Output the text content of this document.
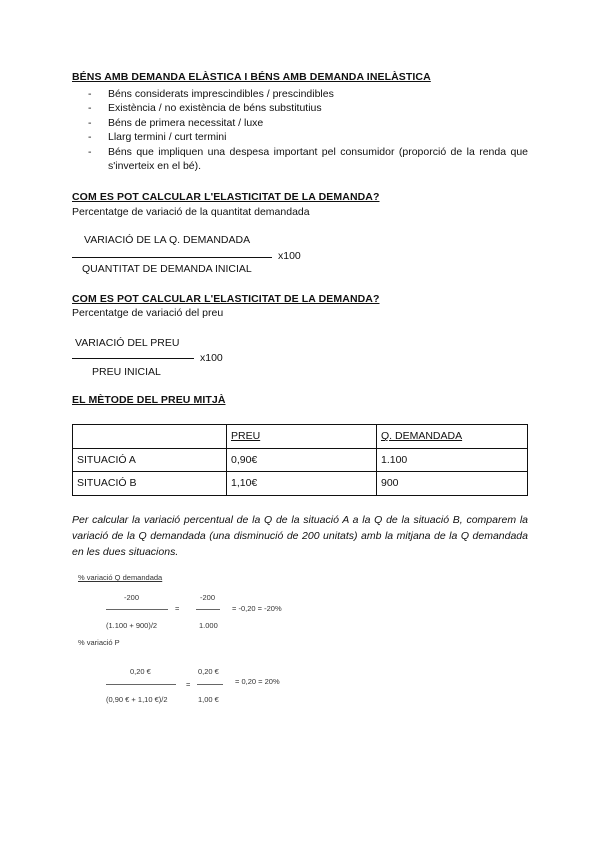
BÉNS AMB DEMANDA ELÀSTICA I BÉNS AMB DEMANDA INELÀSTICA
- Béns considerats imprescindibles / prescindibles
- Existència / no existència de béns substitutius
- Béns de primera necessitat / luxe
- Llarg termini / curt termini
- Béns que impliquen una despesa important pel consumidor (proporció de la renda que s'inverteix en el bé).
COM ES POT CALCULAR L'ELASTICITAT DE LA DEMANDA?
Percentatge de variació de la quantitat demandada
VARIACIÓ DE LA Q. DEMANDADA
x100
QUANTITAT DE DEMANDA INICIAL
COM ES POT CALCULAR L'ELASTICITAT DE LA DEMANDA?
Percentatge de variació del preu
VARIACIÓ DEL PREU
x100
PREU INICIAL
EL MÈTODE DEL PREU MITJÀ
	PREU	Q. DEMANDADA
SITUACIÓ A	0,90€	1.100
SITUACIÓ B	1,10€	900
Per calcular la variació percentual de la Q de la situació A a la Q de la situació B, comparem la variació de la Q demandada (una disminució de 200 unitats) amb la mitjana de la Q demandada en les dues situacions.
% variació Q demandada
-200
=
(1.100 + 900)/2
-200
1.000
= -0,20 = -20%
% variació P
0,20 €
=
(0,90 € + 1,10 €)/2
0,20 €
1,00 €
= 0,20 = 20%
